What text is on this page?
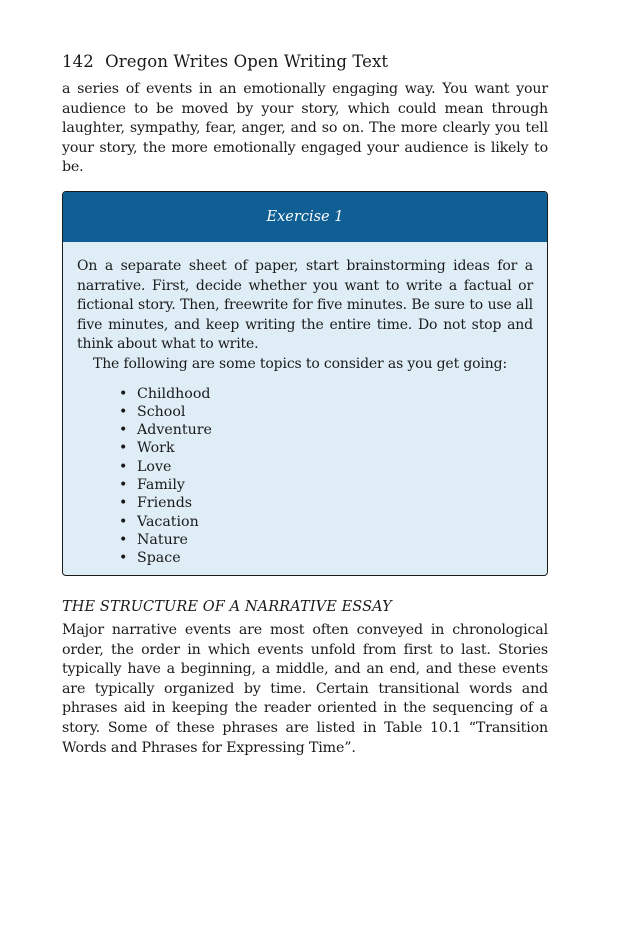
142 Oregon Writes Open Writing Text

a series of events in an emotionally engaging way. You want your audience to be moved by your story, which could mean through laughter, sympathy, fear, anger, and so on. The more clearly you tell your story, the more emotionally engaged your audience is likely to be.

Exercise 1

On a separate sheet of paper, start brainstorming ideas for a narrative. First, decide whether you want to write a factual or fictional story. Then, freewrite for five minutes. Be sure to use all five minutes, and keep writing the entire time. Do not stop and think about what to write.

The following are some topics to consider as you get going:

• Childhood
• School
• Adventure
• Work
• Love
• Family
• Friends
• Vacation
• Nature
• Space
THE STRUCTURE OF A NARRATIVE ESSAY

Major narrative events are most often conveyed in chronological order, the order in which events unfold from first to last. Stories typically have a beginning, a middle, and an end, and these events are typically organized by time. Certain transitional words and phrases aid in keeping the reader oriented in the sequencing of a story. Some of these phrases are listed in Table 10.1 “Transition Words and Phrases for Expressing Time”.
